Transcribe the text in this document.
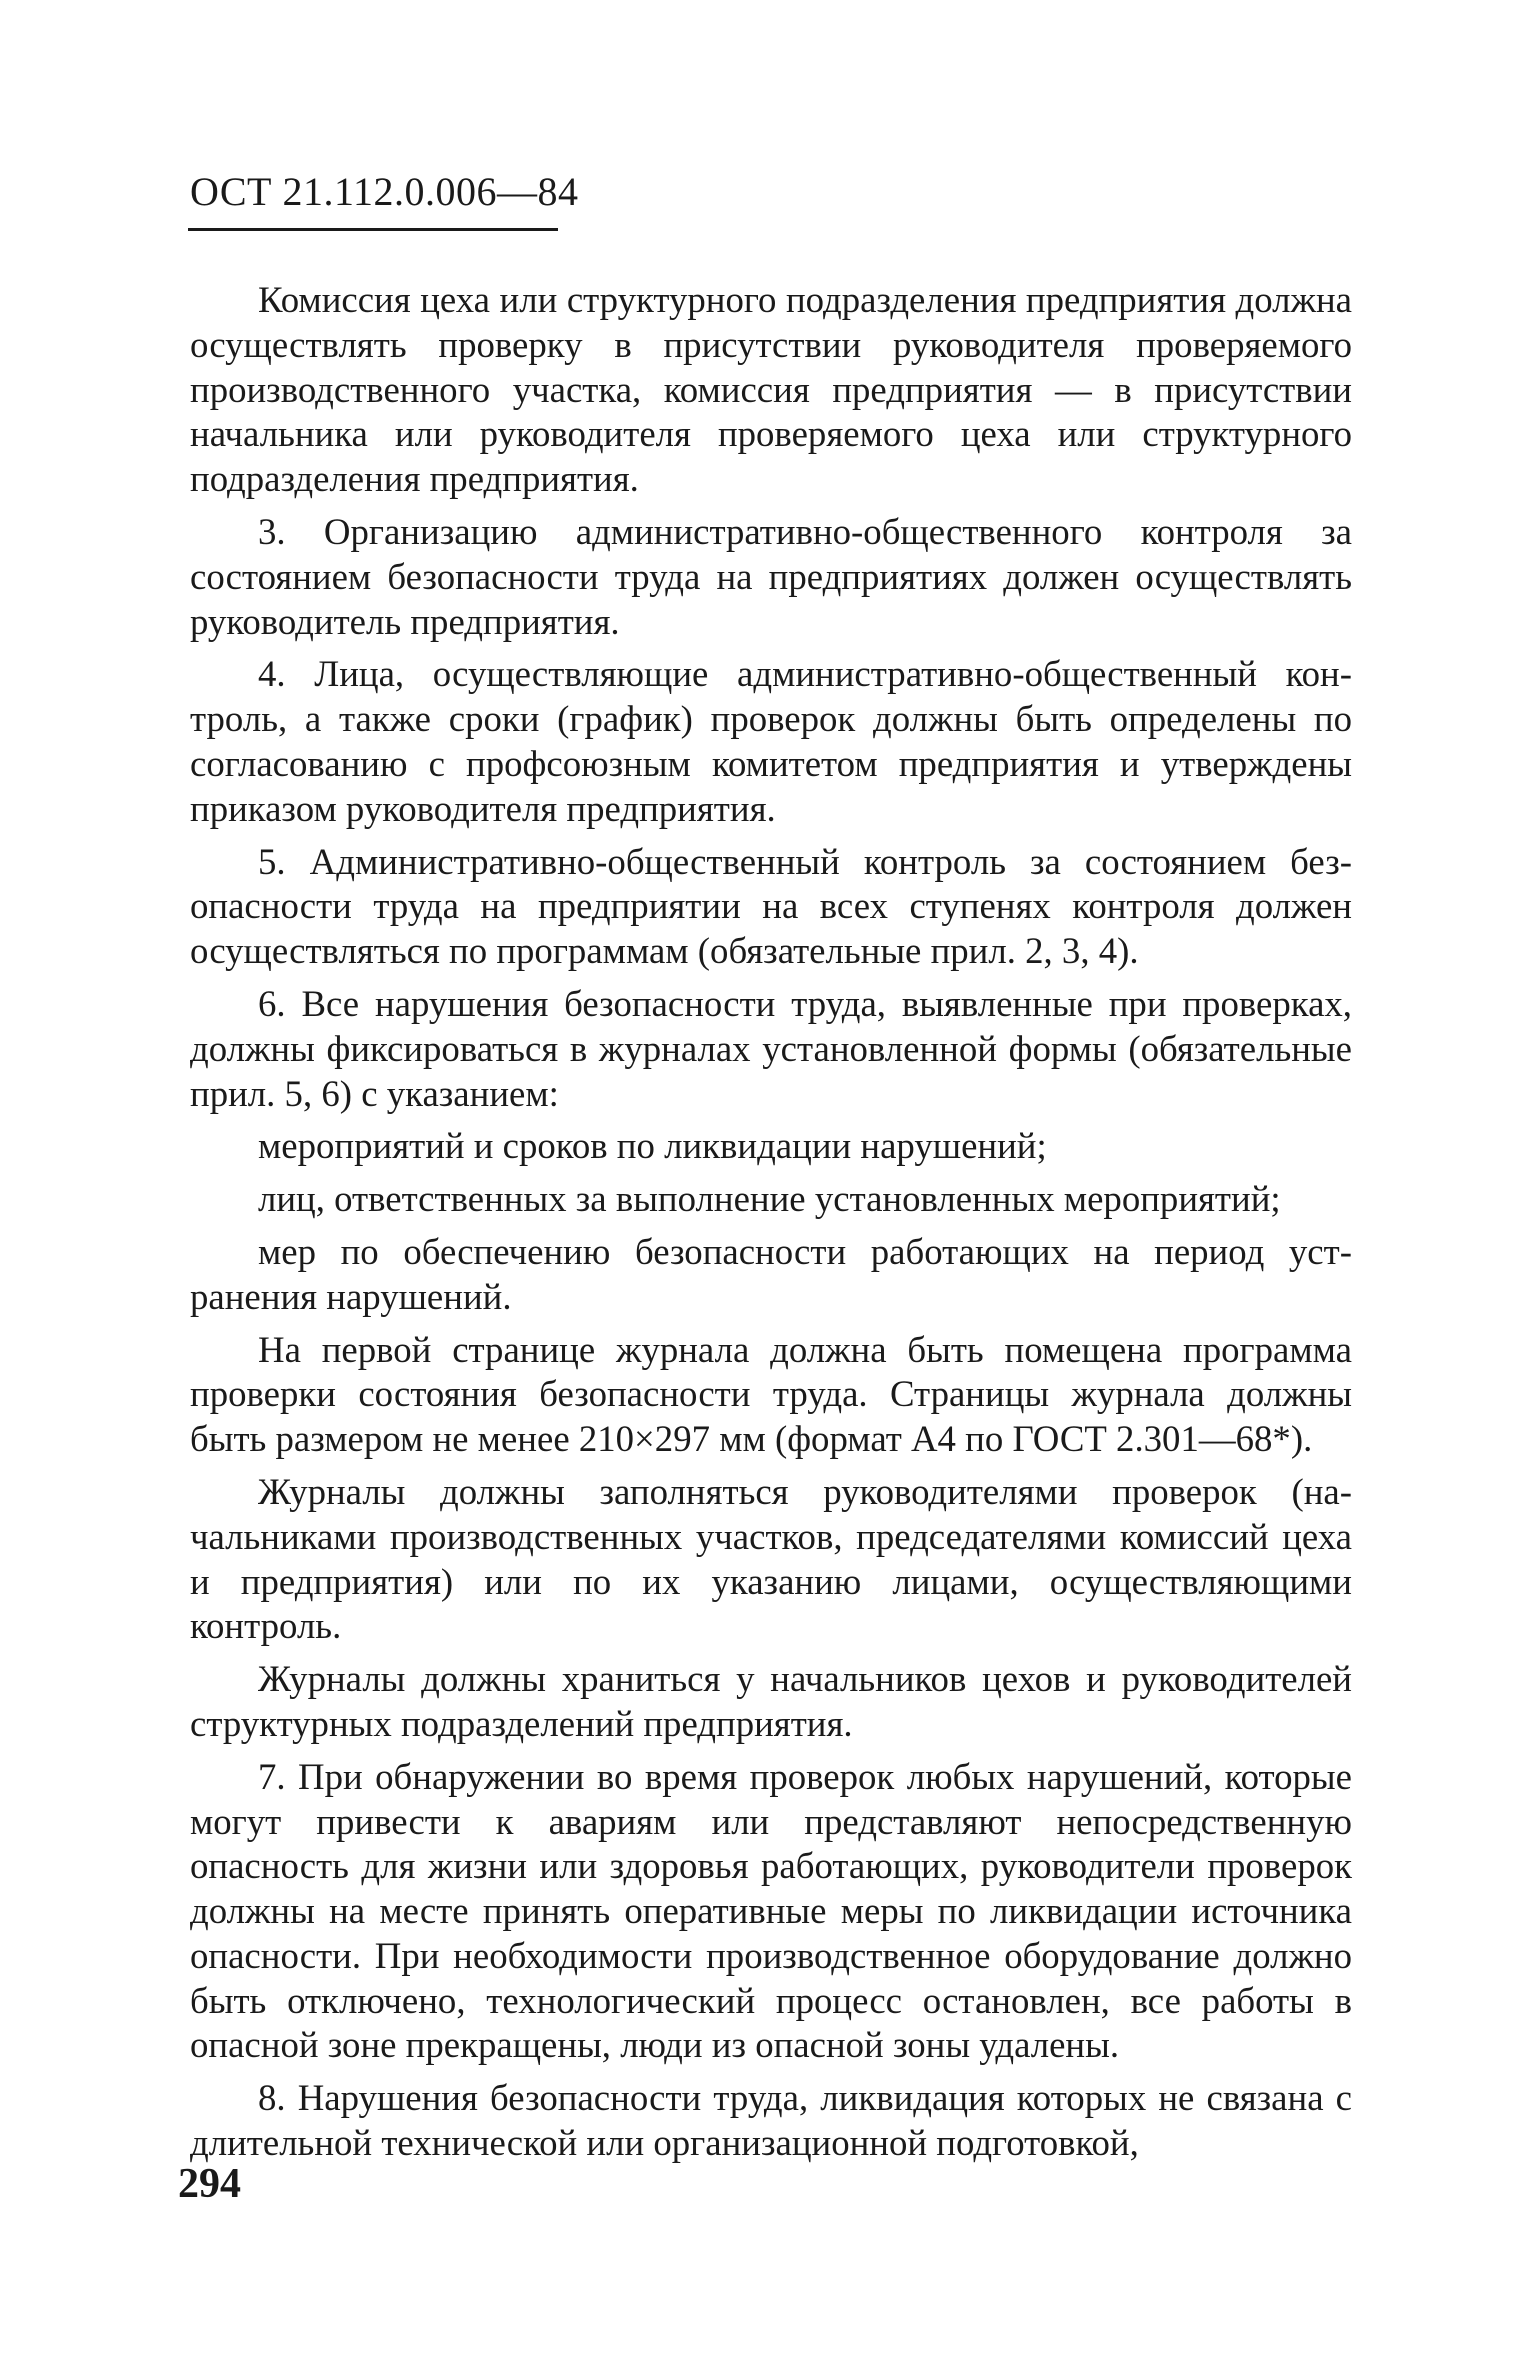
ОСТ 21.112.0.006—84

Комиссия цеха или структурного подразделения предприятия должна осуществлять проверку в присутствии руководителя проверяемого производственного участка, комиссия предприятия — в присутствии начальника или руководителя проверяемого цеха или структурного подразделения предприятия.

3. Организацию административно-общественного контроля за состоянием безопасности труда на предприятиях должен осуществлять руководитель предприятия.

4. Лица, осуществляющие административно-общественный контроль, а также сроки (график) проверок должны быть определены по согласованию с профсоюзным комитетом предприятия и утверждены приказом руководителя предприятия.

5. Административно-общественный контроль за состоянием безопасности труда на предприятии на всех ступенях контроля должен осуществляться по программам (обязательные прил. 2, 3, 4).

6. Все нарушения безопасности труда, выявленные при проверках, должны фиксироваться в журналах установленной формы (обязательные прил. 5, 6) с указанием:

мероприятий и сроков по ликвидации нарушений;

лиц, ответственных за выполнение установленных мероприятий;

мер по обеспечению безопасности работающих на период устранения нарушений.

На первой странице журнала должна быть помещена программа проверки состояния безопасности труда. Страницы журнала должны быть размером не менее 210×297 мм (формат А4 по ГОСТ 2.301—68*).

Журналы должны заполняться руководителями проверок (начальниками производственных участков, председателями комиссий цеха и предприятия) или по их указанию лицами, осуществляющими контроль.

Журналы должны храниться у начальников цехов и руководителей структурных подразделений предприятия.

7. При обнаружении во время проверок любых нарушений, которые могут привести к авариям или представляют непосредственную опасность для жизни или здоровья работающих, руководители проверок должны на месте принять оперативные меры по ликвидации источника опасности. При необходимости производственное оборудование должно быть отключено, технологический процесс остановлен, все работы в опасной зоне прекращены, люди из опасной зоны удалены.

8. Нарушения безопасности труда, ликвидация которых не связана с длительной технической или организационной подготовкой,

294
